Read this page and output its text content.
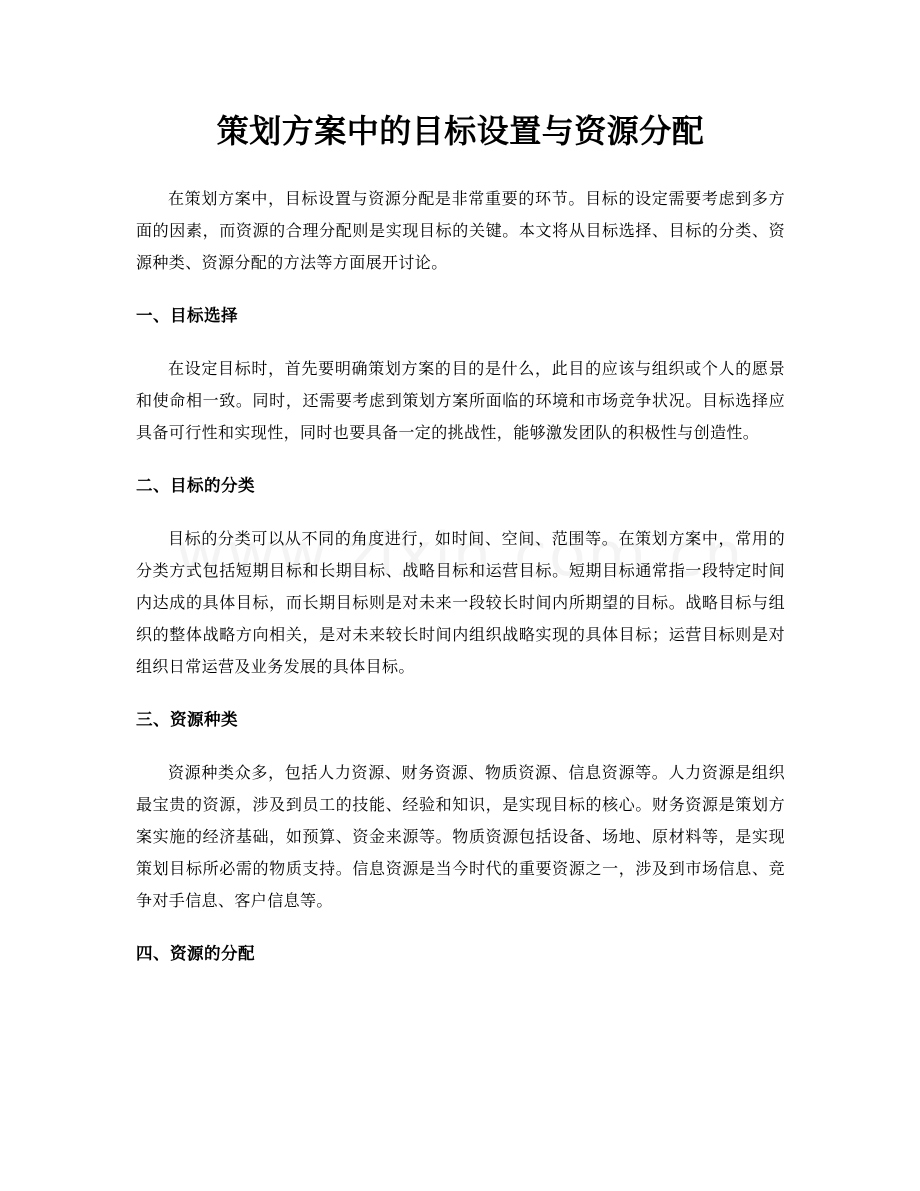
策划方案中的目标设置与资源分配

在策划方案中，目标设置与资源分配是非常重要的环节。目标的设定需要考虑到多方面的因素，而资源的合理分配则是实现目标的关键。本文将从目标选择、目标的分类、资源种类、资源分配的方法等方面展开讨论。

一、目标选择

在设定目标时，首先要明确策划方案的目的是什么，此目的应该与组织或个人的愿景和使命相一致。同时，还需要考虑到策划方案所面临的环境和市场竞争状况。目标选择应具备可行性和实现性，同时也要具备一定的挑战性，能够激发团队的积极性与创造性。

二、目标的分类

目标的分类可以从不同的角度进行，如时间、空间、范围等。在策划方案中，常用的分类方式包括短期目标和长期目标、战略目标和运营目标。短期目标通常指一段特定时间内达成的具体目标，而长期目标则是对未来一段较长时间内所期望的目标。战略目标与组织的整体战略方向相关，是对未来较长时间内组织战略实现的具体目标；运营目标则是对组织日常运营及业务发展的具体目标。

三、资源种类

资源种类众多，包括人力资源、财务资源、物质资源、信息资源等。人力资源是组织最宝贵的资源，涉及到员工的技能、经验和知识，是实现目标的核心。财务资源是策划方案实施的经济基础，如预算、资金来源等。物质资源包括设备、场地、原材料等，是实现策划目标所必需的物质支持。信息资源是当今时代的重要资源之一，涉及到市场信息、竞争对手信息、客户信息等。

四、资源的分配
